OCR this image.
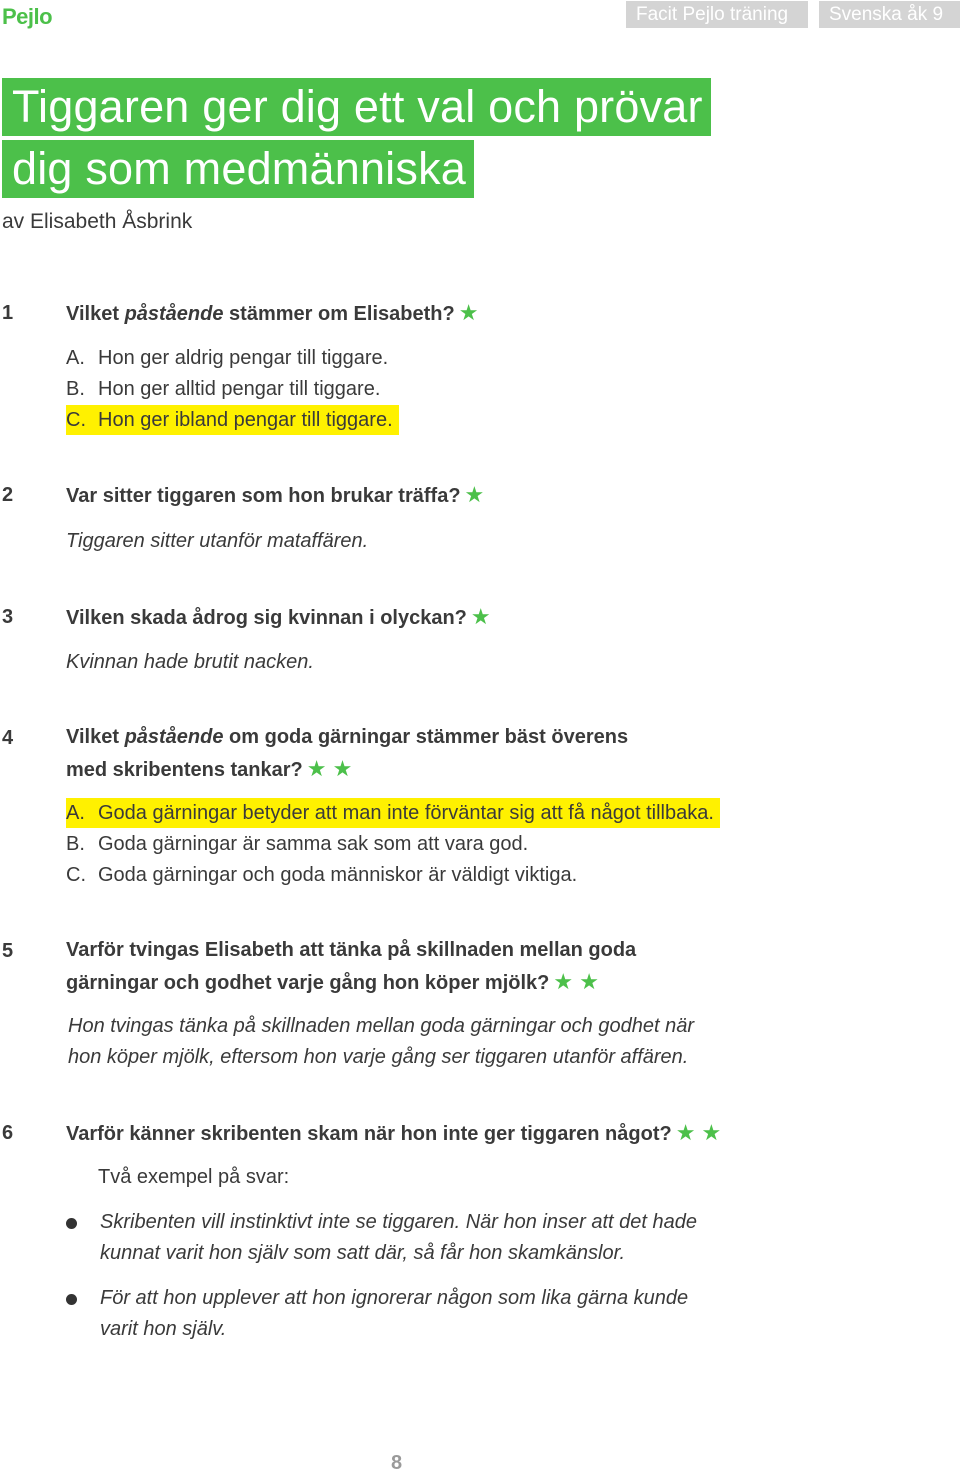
Pejlo	Facit Pejlo träning	Svenska åk 9
Tiggaren ger dig ett val och prövar
dig som medmänniska
av Elisabeth Åsbrink
1	Vilket påstående stämmer om Elisabeth? ★
A. Hon ger aldrig pengar till tiggare.
B. Hon ger alltid pengar till tiggare.
C. Hon ger ibland pengar till tiggare.
2	Var sitter tiggaren som hon brukar träffa? ★
Tiggaren sitter utanför mataffären.
3	Vilken skada ådrog sig kvinnan i olyckan? ★
Kvinnan hade brutit nacken.
4	Vilket påstående om goda gärningar stämmer bäst överens
med skribentens tankar? ★ ★
A. Goda gärningar betyder att man inte förväntar sig att få något tillbaka.
B. Goda gärningar är samma sak som att vara god.
C. Goda gärningar och goda människor är väldigt viktiga.
5	Varför tvingas Elisabeth att tänka på skillnaden mellan goda
gärningar och godhet varje gång hon köper mjölk? ★ ★
Hon tvingas tänka på skillnaden mellan goda gärningar och godhet när
hon köper mjölk, eftersom hon varje gång ser tiggaren utanför affären.
6	Varför känner skribenten skam när hon inte ger tiggaren något? ★ ★
Två exempel på svar:
Skribenten vill instinktivt inte se tiggaren. När hon inser att det hade
kunnat varit hon själv som satt där, så får hon skamkänslor.
För att hon upplever att hon ignorerar någon som lika gärna kunde
varit hon själv.
8
